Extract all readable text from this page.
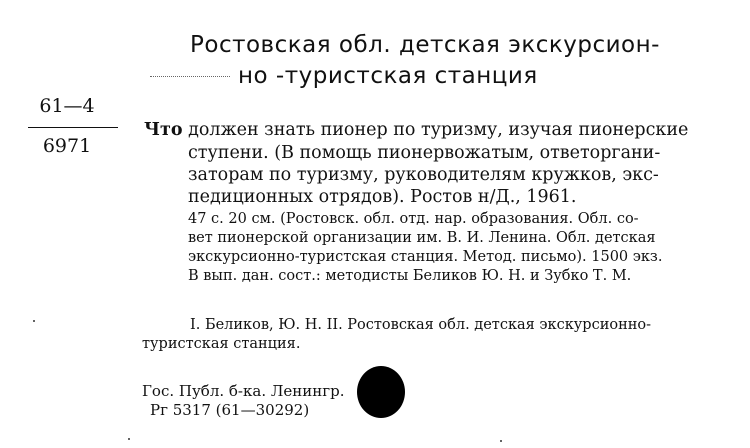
Ростовская обл. детская экскурсион-
но -туристская станция
61—4
6971
Что должен знать пионер по туризму, изучая пионерские
ступени. (В помощь пионервожатым, ответоргани-
заторам по туризму, руководителям кружков, экс-
педиционных отрядов). Ростов н/Д., 1961.
47 с. 20 см. (Ростовск. обл. отд. нар. образования. Обл. со-
вет пионерской организации им. В. И. Ленина. Обл. детская
экскурсионно-туристская станция. Метод. письмо). 1500 экз.
В вып. дан. сост.: методисты Беликов Ю. Н. и Зубко Т. М.
I. Беликов, Ю. Н. II. Ростовская обл. детская экскурсионно-
туристская станция.
Гос. Публ. б-ка. Ленингр.
Рг 5317 (61—30292)
